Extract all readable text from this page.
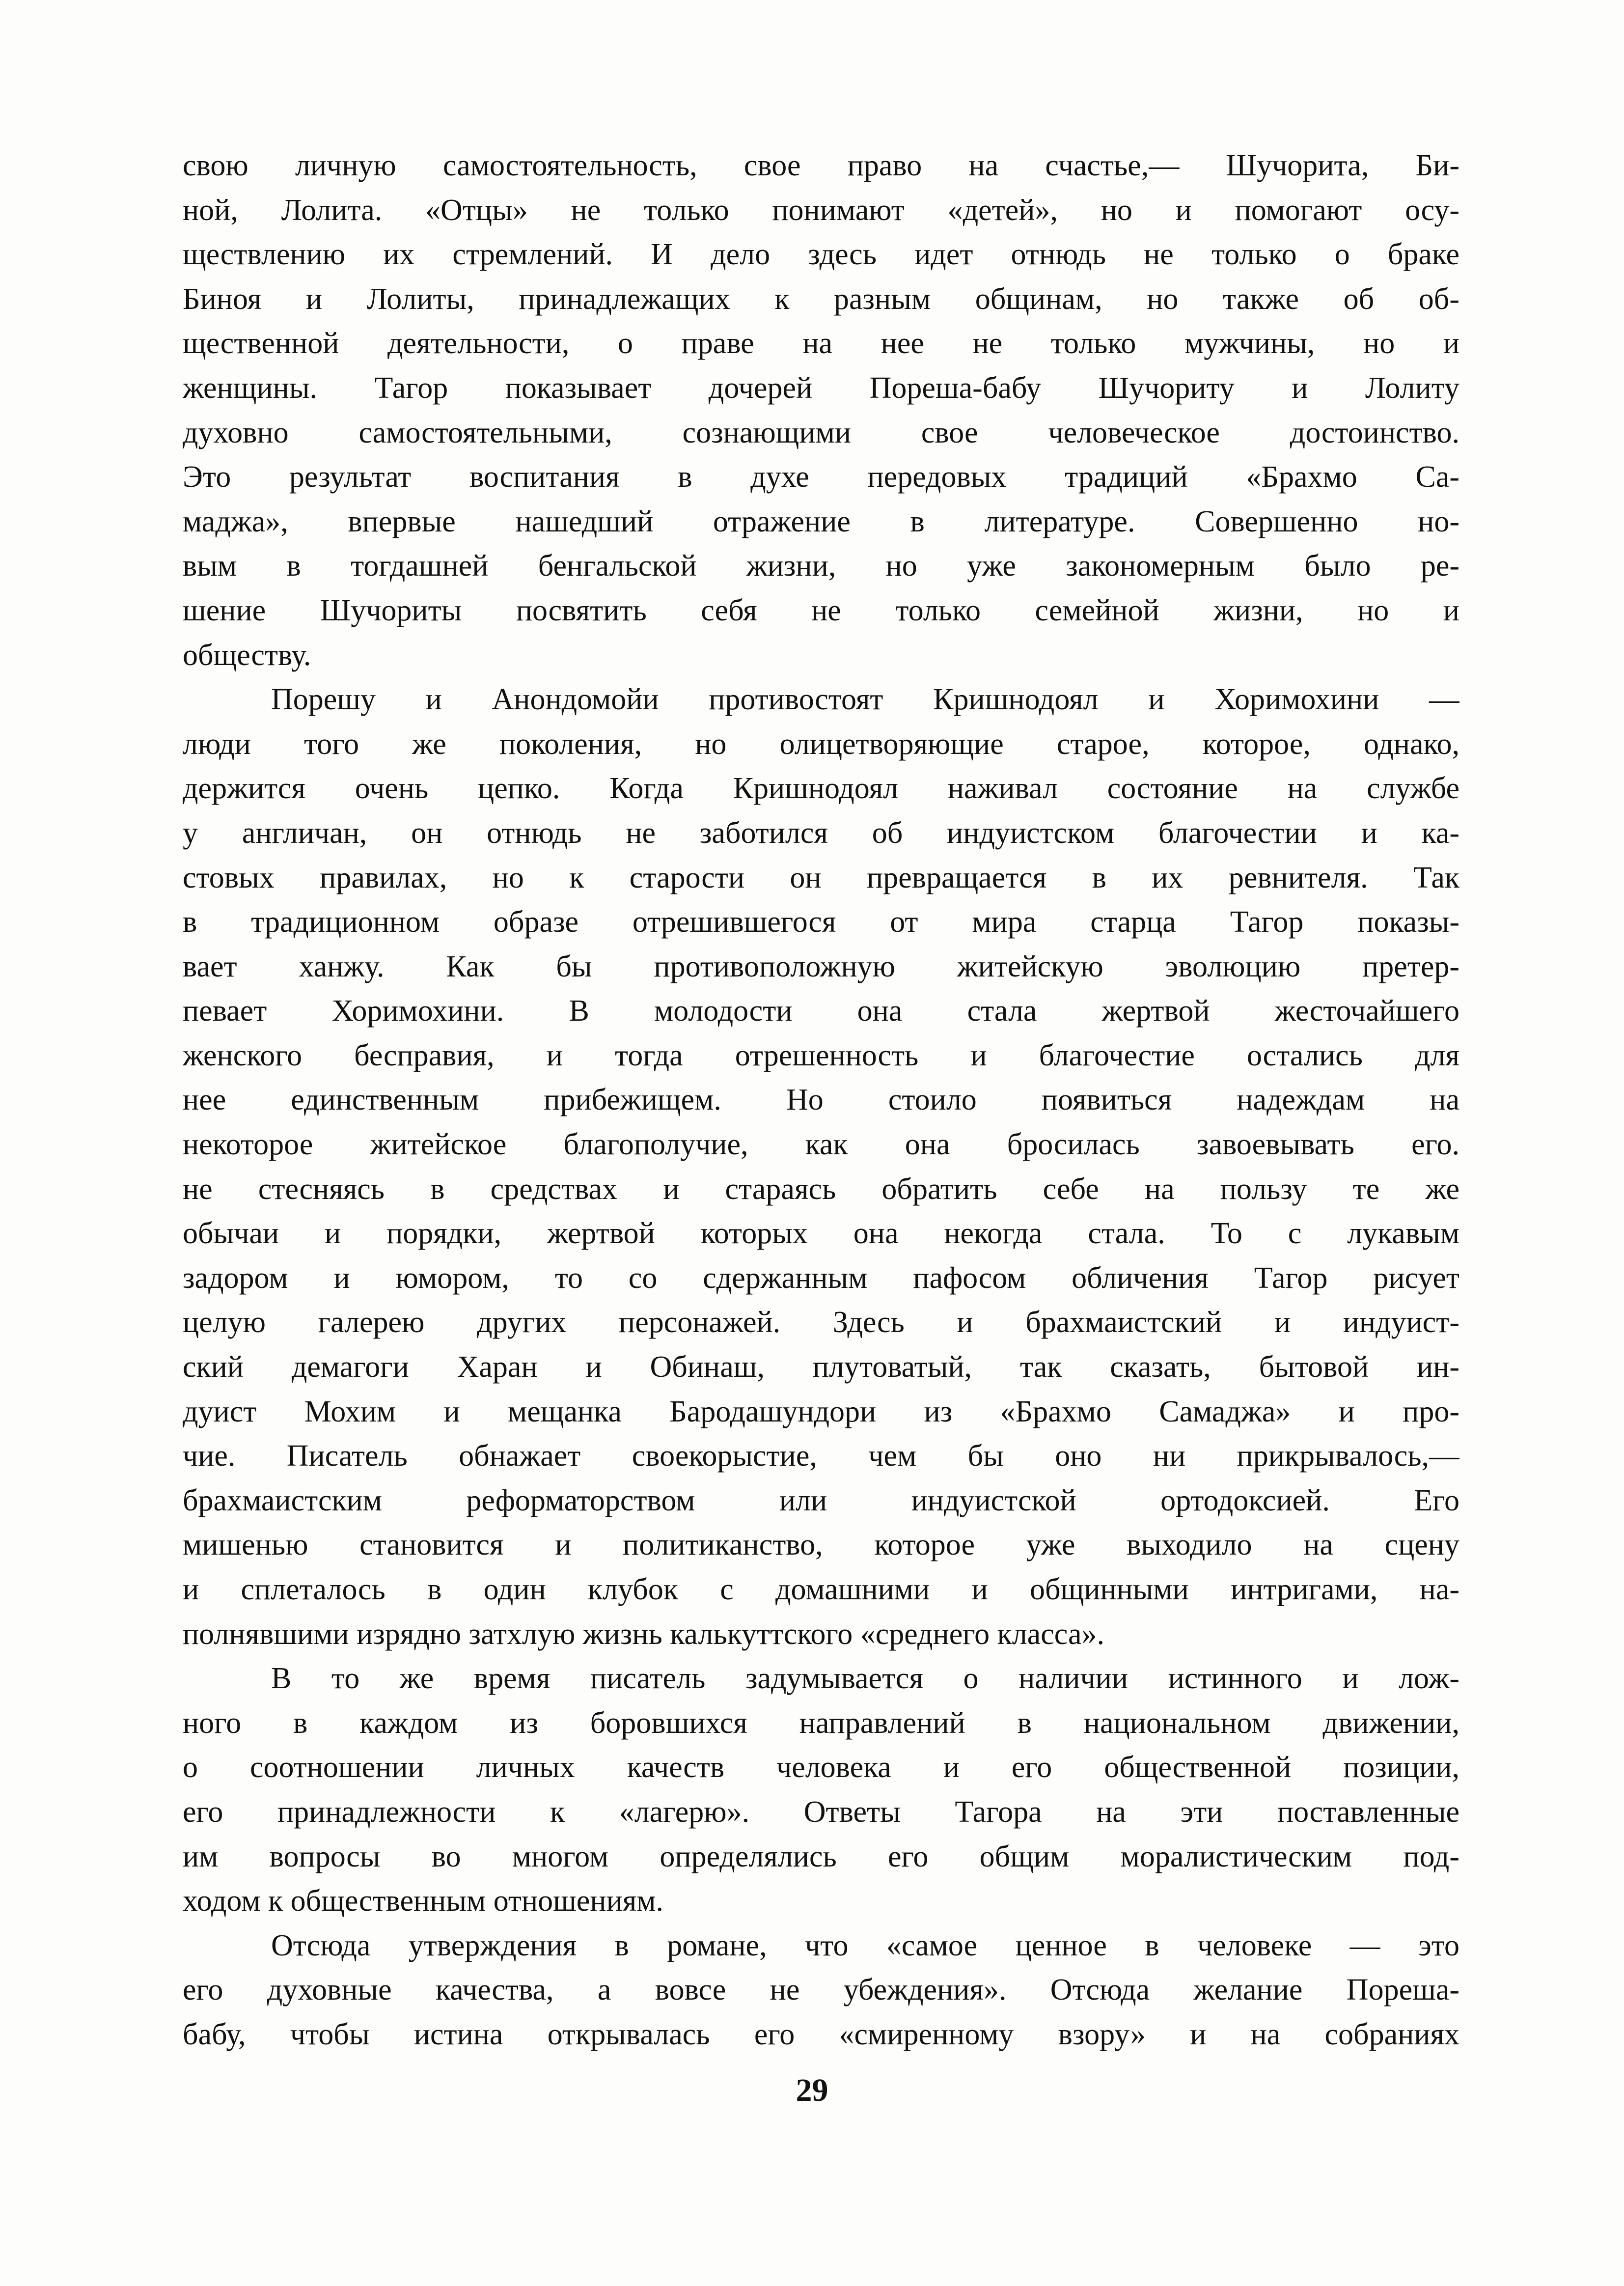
свою личную самостоятельность, свое право на счастье,— Шучорита, Би-
ной, Лолита. «Отцы» не только понимают «детей», но и помогают осу-
ществлению их стремлений. И дело здесь идет отнюдь не только о браке
Биноя и Лолиты, принадлежащих к разным общинам, но также об об-
щественной деятельности, о праве на нее не только мужчины, но и
женщины. Тагор показывает дочерей Пореша-бабу Шучориту и Лолиту
духовно самостоятельными, сознающими свое человеческое достоинство.
Это результат воспитания в духе передовых традиций «Брахмо Са-
маджа», впервые нашедший отражение в литературе. Совершенно но-
вым в тогдашней бенгальской жизни, но уже закономерным было ре-
шение Шучориты посвятить себя не только семейной жизни, но и
обществу.
Порешу и Анондомойи противостоят Кришнодоял и Хоримохини —
люди того же поколения, но олицетворяющие старое, которое, однако,
держится очень цепко. Когда Кришнодоял наживал состояние на службе
у англичан, он отнюдь не заботился об индуистском благочестии и ка-
стовых правилах, но к старости он превращается в их ревнителя. Так
в традиционном образе отрешившегося от мира старца Тагор показы-
вает ханжу. Как бы противоположную житейскую эволюцию претер-
певает Хоримохини. В молодости она стала жертвой жесточайшего
женского бесправия, и тогда отрешенность и благочестие остались для
нее единственным прибежищем. Но стоило появиться надеждам на
некоторое житейское благополучие, как она бросилась завоевывать его.
не стесняясь в средствах и стараясь обратить себе на пользу те же
обычаи и порядки, жертвой которых она некогда стала. То с лукавым
задором и юмором, то со сдержанным пафосом обличения Тагор рисует
целую галерею других персонажей. Здесь и брахмаистский и индуист-
ский демагоги Харан и Обинаш, плутоватый, так сказать, бытовой ин-
дуист Мохим и мещанка Бародашундори из «Брахмо Самаджа» и про-
чие. Писатель обнажает своекорыстие, чем бы оно ни прикрывалось,—
брахмаистским реформаторством или индуистской ортодоксией. Его
мишенью становится и политиканство, которое уже выходило на сцену
и сплеталось в один клубок с домашними и общинными интригами, на-
полнявшими изрядно затхлую жизнь калькуттского «среднего класса».
В то же время писатель задумывается о наличии истинного и лож-
ного в каждом из боровшихся направлений в национальном движении,
о соотношении личных качеств человека и его общественной позиции,
его принадлежности к «лагерю». Ответы Тагора на эти поставленные
им вопросы во многом определялись его общим моралистическим под-
ходом к общественным отношениям.
Отсюда утверждения в романе, что «самое ценное в человеке — это
его духовные качества, а вовсе не убеждения». Отсюда желание Пореша-
бабу, чтобы истина открывалась его «смиренному взору» и на собраниях
29
